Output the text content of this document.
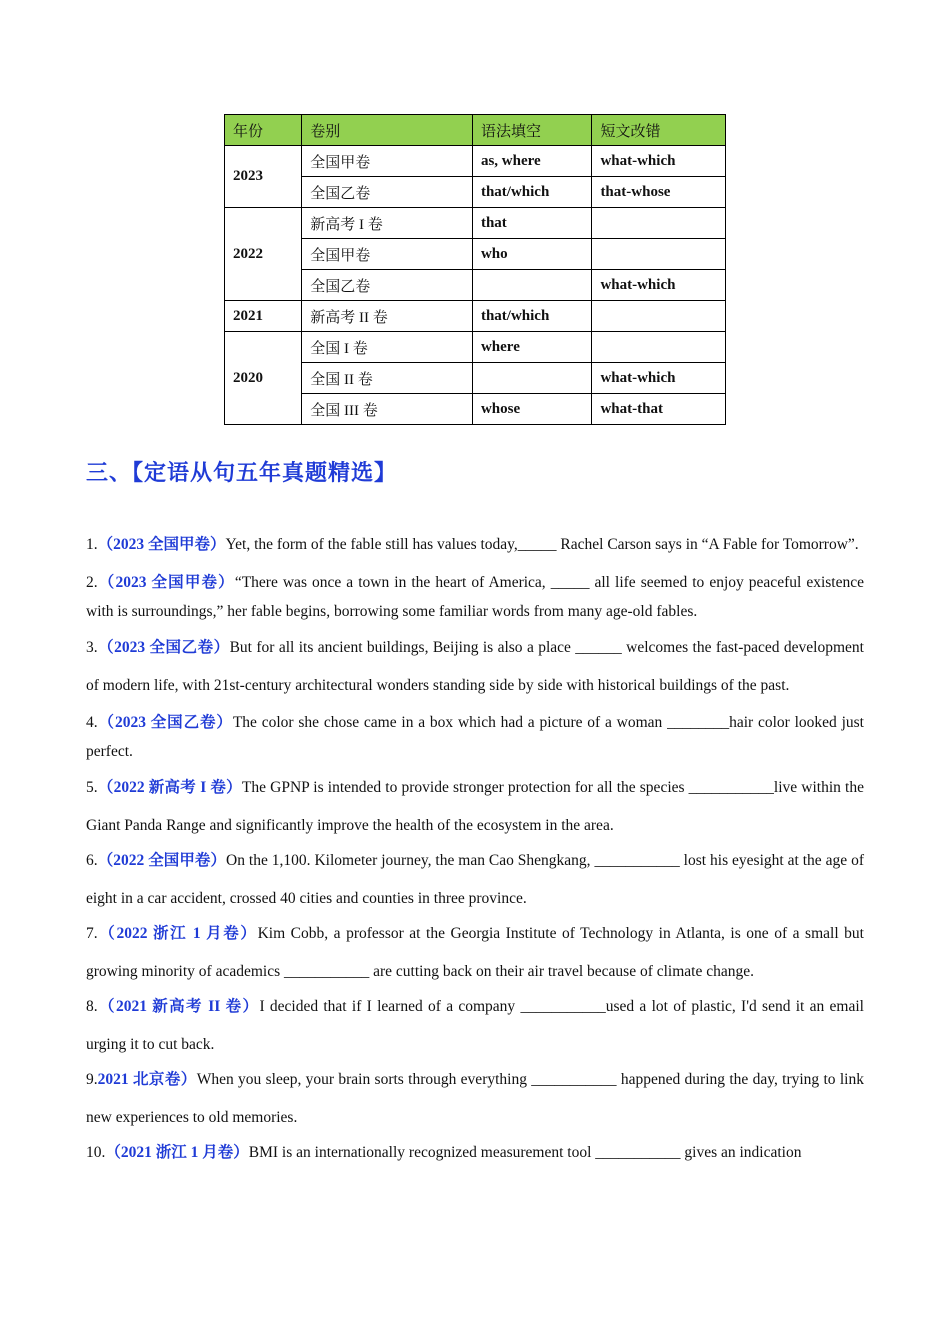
年份	卷别	语法填空	短文改错
2023	全国甲卷	as, where	what-which
	全国乙卷	that/which	that-whose
2022	新高考 I 卷	that	
	全国甲卷	who	
	全国乙卷		what-which
2021	新高考 II 卷	that/which	
2020	全国 I 卷	where	
	全国 II 卷		what-which
	全国 III 卷	whose	what-that
三、【定语从句五年真题精选】

1.（2023 全国甲卷）Yet, the form of the fable still has values today,_____ Rachel Carson says in “A Fable for Tomorrow”.

2.（2023 全国甲卷）“There was once a town in the heart of America, _____ all life seemed to enjoy peaceful existence with is surroundings,” her fable begins, borrowing some familiar words from many age-old fables.

3.（2023 全国乙卷）But for all its ancient buildings, Beijing is also a place ______ welcomes the fast-paced development of modern life, with 21st-century architectural wonders standing side by side with historical buildings of the past.

4.（2023 全国乙卷）The color she chose came in a box which had a picture of a woman ________hair color looked just perfect.

5.（2022 新高考 I 卷）The GPNP is intended to provide stronger protection for all the species ___________live within the Giant Panda Range and significantly improve the health of the ecosystem in the area.

6.（2022 全国甲卷）On the 1,100. Kilometer journey, the man Cao Shengkang, ___________ lost his eyesight at the age of eight in a car accident, crossed 40 cities and counties in three province.

7.（2022 浙江 1 月卷）Kim Cobb, a professor at the Georgia Institute of Technology in Atlanta, is one of a small but growing minority of academics ___________ are cutting back on their air travel because of climate change.

8.（2021 新高考 II 卷）I decided that if I learned of a company ___________used a lot of plastic, I'd send it an email urging it to cut back.

9.2021 北京卷）When you sleep, your brain sorts through everything ___________ happened during the day, trying to link new experiences to old memories.

10.（2021 浙江 1 月卷）BMI is an internationally recognized measurement tool ___________ gives an indication
